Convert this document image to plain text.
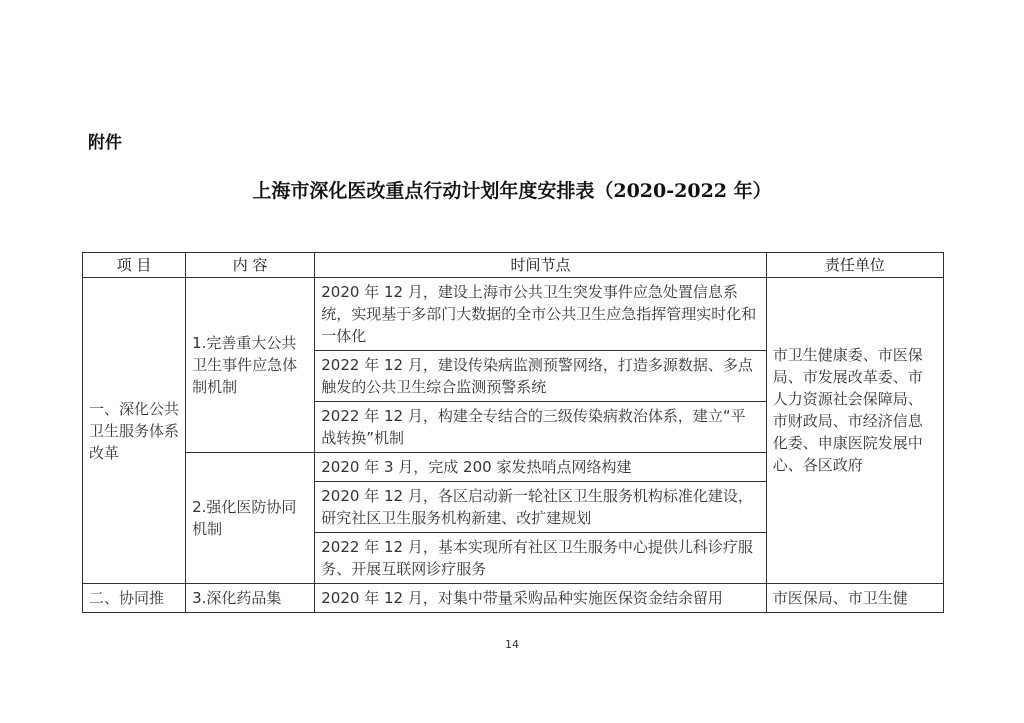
附件
上海市深化医改重点行动计划年度安排表（2020-2022 年）
项 目	内 容	时间节点	责任单位
一、深化公共卫生服务体系改革	1.完善重大公共卫生事件应急体制机制	2020 年 12 月，建设上海市公共卫生突发事件应急处置信息系统，实现基于多部门大数据的全市公共卫生应急指挥管理实时化和一体化	市卫生健康委、市医保局、市发展改革委、市人力资源社会保障局、市财政局、市经济信息化委、申康医院发展中心、各区政府
		2022 年 12 月，建设传染病监测预警网络，打造多源数据、多点触发的公共卫生综合监测预警系统	
		2022 年 12 月，构建全专结合的三级传染病救治体系，建立“平战转换”机制	
	2.强化医防协同机制	2020 年 3 月，完成 200 家发热哨点网络构建	
		2020 年 12 月，各区启动新一轮社区卫生服务机构标准化建设，研究社区卫生服务机构新建、改扩建规划	
		2022 年 12 月，基本实现所有社区卫生服务中心提供儿科诊疗服务、开展互联网诊疗服务	
二、协同推	3.深化药品集	2020 年 12 月，对集中带量采购品种实施医保资金结余留用	市医保局、市卫生健
14
